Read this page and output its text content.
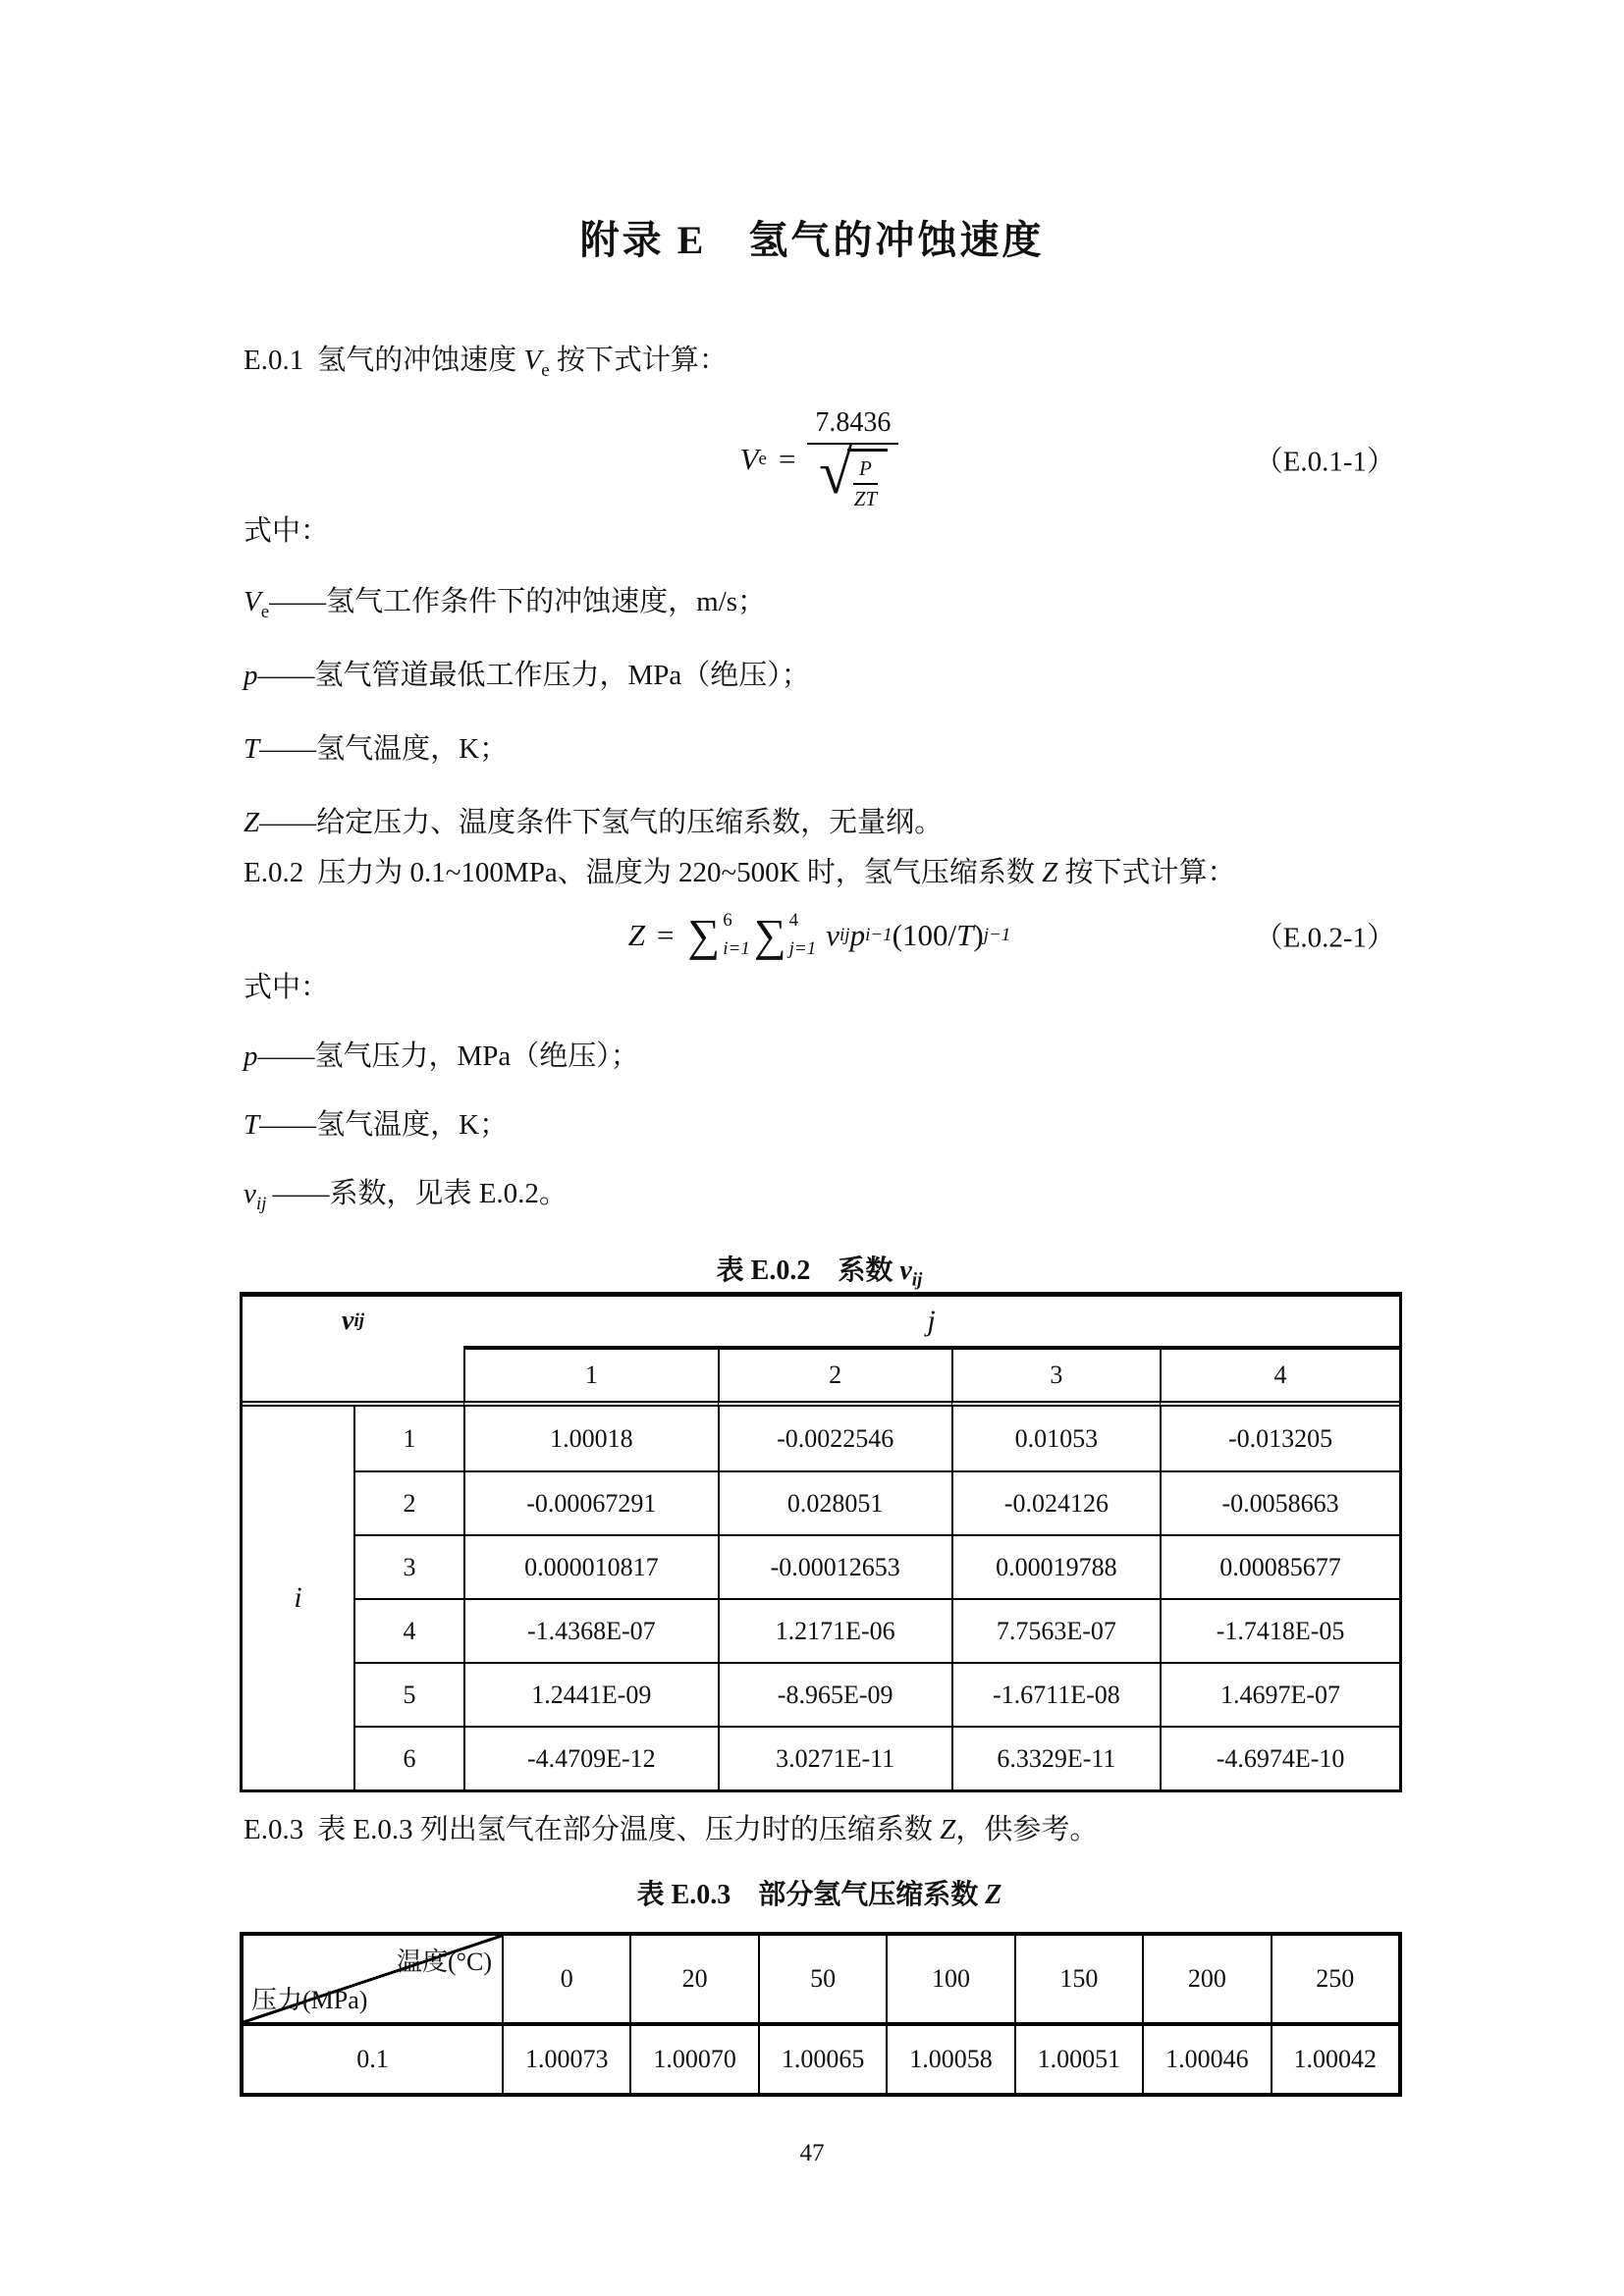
附录 E　氢气的冲蚀速度
E.0.1 氢气的冲蚀速度 $V_e$ 按下式计算：
V e =
7.8436
√ P
ZT
（E.0.1-1）
式中：
$V_e——$氢气工作条件下的冲蚀速度，m/s；
p——氢气管道最低工作压力，MPa（绝压）；
T——氢气温度，K；
Z——给定压力、温度条件下氢气的压缩系数，无量纲。
E.0.2 压力为 0.1~100MPa、温度为 220~500K 时，氢气压缩系数 Z 按下式计算：
Z = ∑ 6
i=1 ∑ 4
j=1 v ij p i−1 (100/ T ) j−1	（E.0.2-1）
式中：
p——氢气压力，MPa（绝压）；
T——氢气温度，K；
$v_{ij}$ ——系数，见表 E.0.2。
表 E.0.2　系数 $v_{ij}$
v ij	j
1	2	3	4
i
1	1.00018	-0.0022546	0.01053	-0.013205
2	-0.00067291	0.028051	-0.024126	-0.0058663
3	0.000010817	-0.00012653	0.00019788	0.00085677
4	-1.4368E-07	1.2171E-06	7.7563E-07	-1.7418E-05
5	1.2441E-09	-8.965E-09	-1.6711E-08	1.4697E-07
6	-4.4709E-12	3.0271E-11	6.3329E-11	-4.6974E-10
E.0.3 表 E.0.3 列出氢气在部分温度、压力时的压缩系数 Z，供参考。
表 E.0.3　部分氢气压缩系数 Z
温度(°C)
压力(MPa)
0	20	50	100	150	200	250
0.1	1.00073	1.00070	1.00065	1.00058	1.00051	1.00046	1.00042
47
